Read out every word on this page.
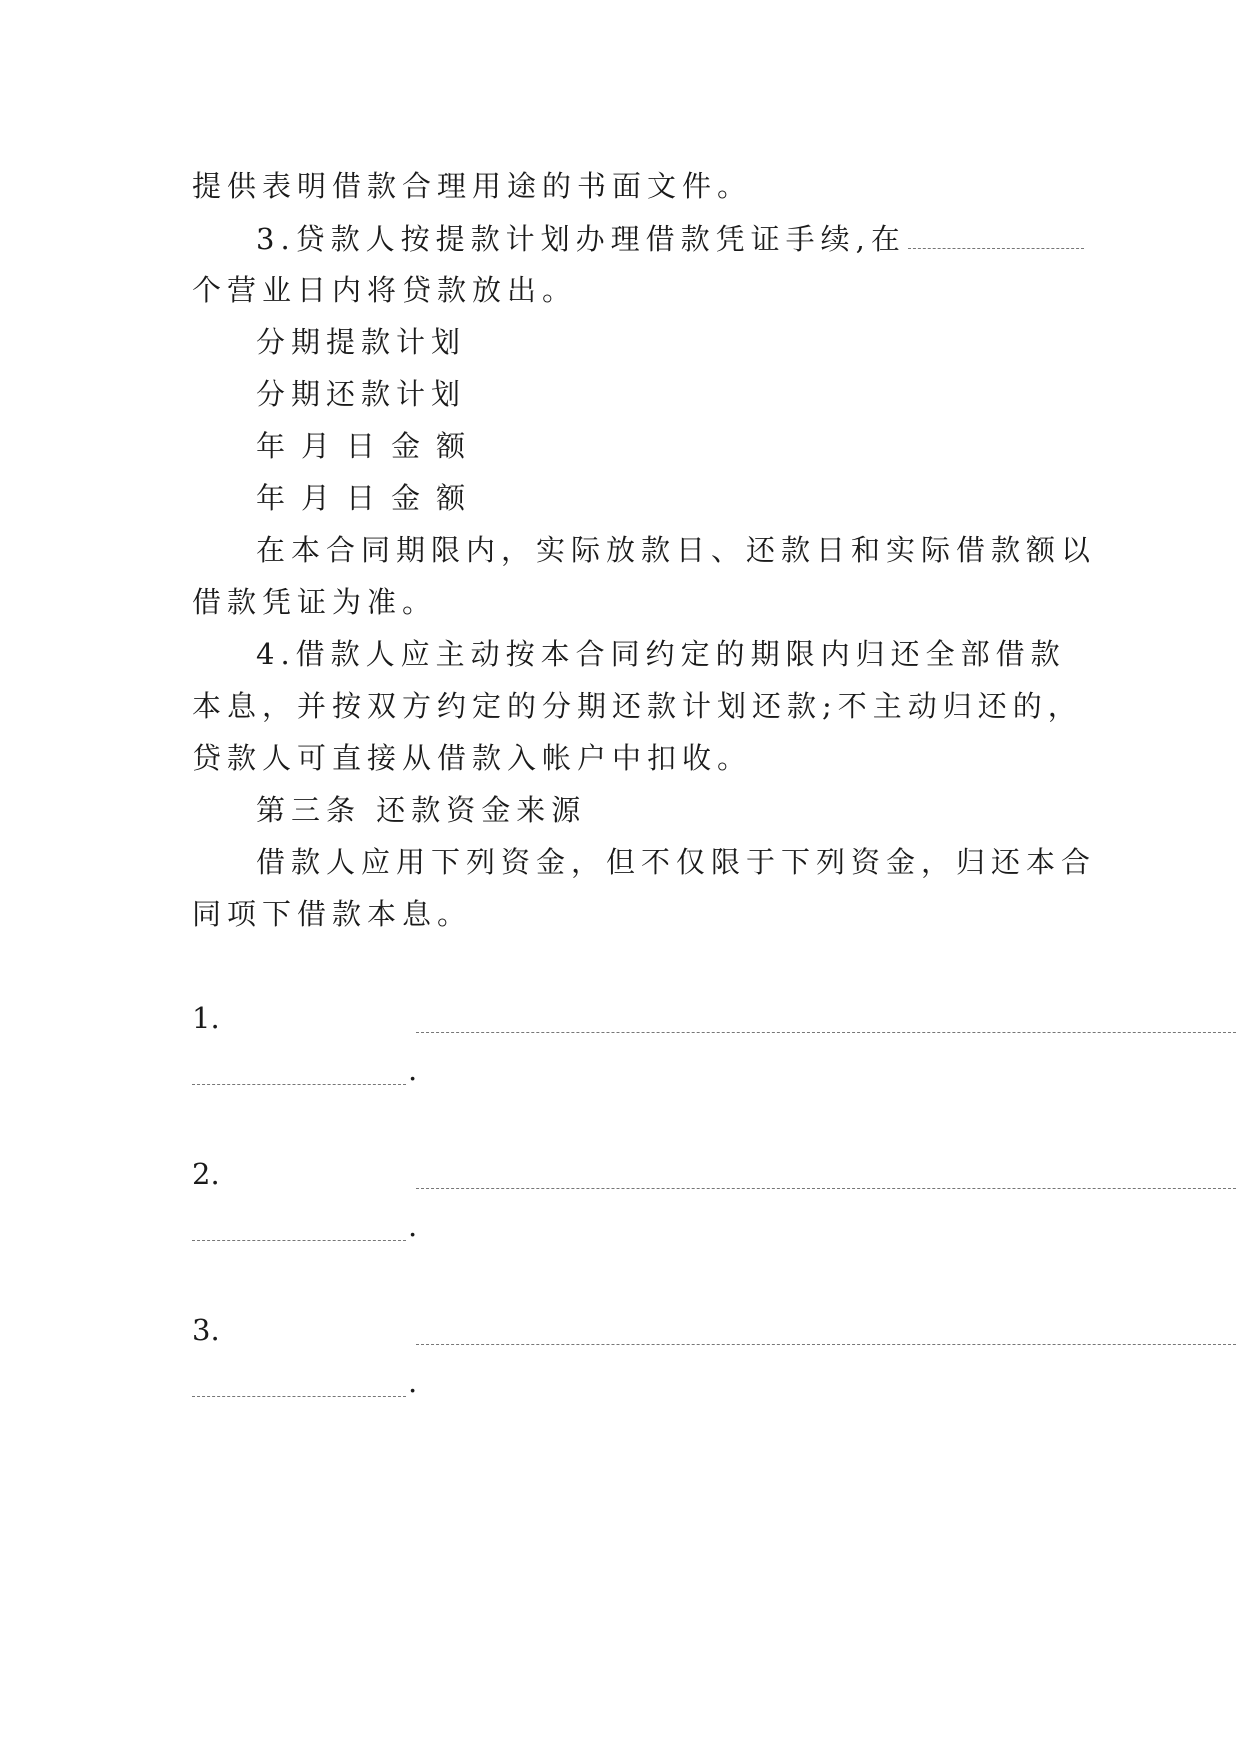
提供表明借款合理用途的书面文件。
3.贷款人按提款计划办理借款凭证手续,在
个营业日内将贷款放出。
分期提款计划
分期还款计划
年 月 日 金 额
年 月 日 金 额
在本合同期限内，实际放款日、还款日和实际借款额以
借款凭证为准。
4.借款人应主动按本合同约定的期限内归还全部借款
本息，并按双方约定的分期还款计划还款;不主动归还的，
贷款人可直接从借款入帐户中扣收。
第三条 还款资金来源
借款人应用下列资金，但不仅限于下列资金，归还本合
同项下借款本息。
1.
.
2.
.
3.
.
